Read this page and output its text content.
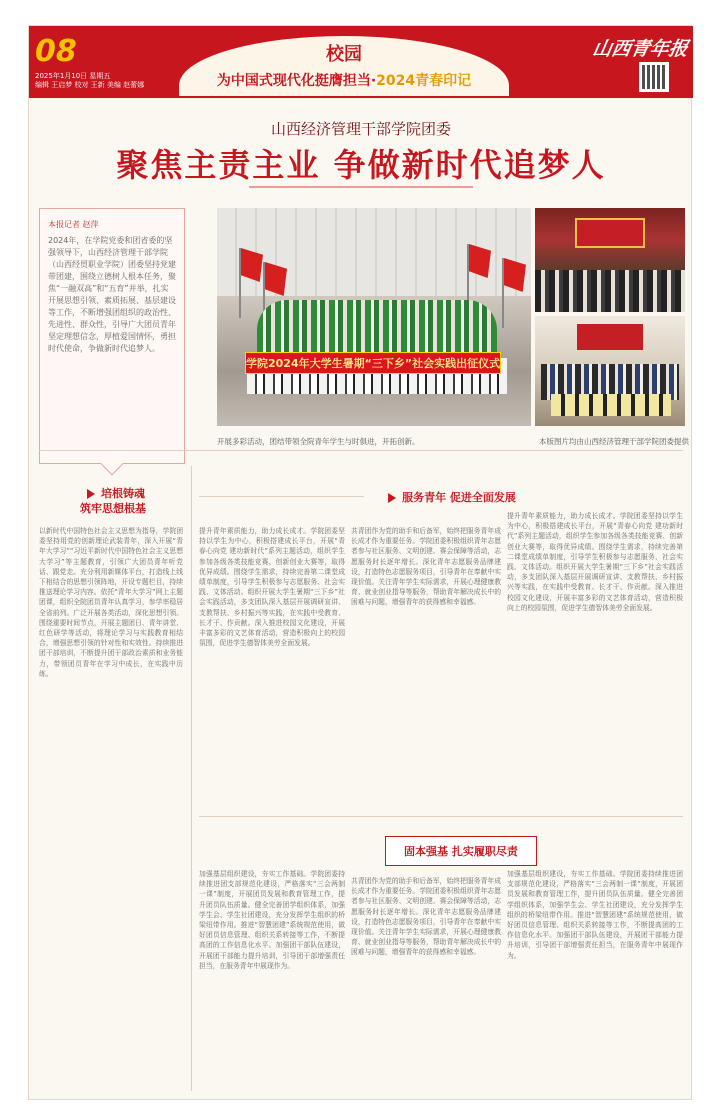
08
2025年1月10日 星期五
编辑 王启梦 校对 王新 美编 赵蕾娜
校园
为中国式现代化挺膺担当·2024青春印记
山西青年报
山西经济管理干部学院团委
聚焦主责主业 争做新时代追梦人
本报记者 赵萍
2024年，在学院党委和团省委的坚强领导下，山西经济管理干部学院（山西经贸职业学院）团委坚持党建带团建，围绕立德树人根本任务，聚焦“一融双高”和“五育”并举，扎实开展思想引领、素质拓展、基层建设等工作，不断增强团组织的政治性、先进性、群众性，引导广大团员青年坚定理想信念，厚植爱国情怀，勇担时代使命，争做新时代追梦人。
学院2024年大学生暑期“三下乡”社会实践出征仪式
开展多彩活动，团结带领全院青年学生与时俱进，开拓创新。	本版图片均由山西经济管理干部学院团委提供
培根铸魂
筑牢思想根基
以新时代中国特色社会主义思想为指导，学院团委坚持用党的创新理论武装青年，深入开展“青年大学习”“习近平新时代中国特色社会主义思想大学习”等主题教育，引领广大团员青年听党话、跟党走。充分利用新媒体平台，打造线上线下相结合的思想引领阵地，开设专题栏目，持续推送理论学习内容。依托“青年大学习”网上主题团课，组织全院团员青年认真学习，参学率稳居全省前列。广泛开展各类活动，深化思想引领。围绕重要时间节点，开展主题团日、青年讲堂、红色研学等活动，将理论学习与实践教育相结合，增强思想引领的针对性和实效性。持续推进团干部培训，不断提升团干部政治素质和业务能力，带领团员青年在学习中成长，在实践中历练。
服务青年 促进全面发展
提升青年素质能力，助力成长成才。学院团委坚持以学生为中心，积极搭建成长平台，开展“青春心向党 建功新时代”系列主题活动，组织学生参加各级各类技能竞赛、创新创业大赛等，取得优异成绩。围绕学生需求，持续完善第二课堂成绩单制度，引导学生积极参与志愿服务、社会实践、文体活动。组织开展大学生暑期“三下乡”社会实践活动，多支团队深入基层开展调研宣讲、支教帮扶、乡村振兴等实践，在实践中受教育、长才干、作贡献。深入推进校园文化建设，开展丰富多彩的文艺体育活动，营造积极向上的校园氛围，促进学生德智体美劳全面发展。
共青团作为党的助手和后备军，始终把服务青年成长成才作为重要任务。学院团委积极组织青年志愿者参与社区服务、文明创建、赛会保障等活动，志愿服务时长逐年增长。深化青年志愿服务品牌建设，打造特色志愿服务项目，引导青年在奉献中实现价值。关注青年学生实际需求，开展心理健康教育、就业创业指导等服务，帮助青年解决成长中的困难与问题，增强青年的获得感和幸福感。
提升青年素质能力，助力成长成才。学院团委坚持以学生为中心，积极搭建成长平台，开展“青春心向党 建功新时代”系列主题活动，组织学生参加各级各类技能竞赛、创新创业大赛等，取得优异成绩。围绕学生需求，持续完善第二课堂成绩单制度，引导学生积极参与志愿服务、社会实践、文体活动。组织开展大学生暑期“三下乡”社会实践活动，多支团队深入基层开展调研宣讲、支教帮扶、乡村振兴等实践，在实践中受教育、长才干、作贡献。深入推进校园文化建设，开展丰富多彩的文艺体育活动，营造积极向上的校园氛围，促进学生德智体美劳全面发展。
固本强基 扎实履职尽责
加强基层组织建设，夯实工作基础。学院团委持续推进团支部规范化建设，严格落实“三会两制一课”制度，开展团员发展和教育管理工作，提升团员队伍质量。健全完善团学组织体系，加强学生会、学生社团建设，充分发挥学生组织的桥梁纽带作用。推进“智慧团建”系统规范使用，做好团员信息管理、组织关系转接等工作，不断提高团的工作信息化水平。加强团干部队伍建设，开展团干部能力提升培训，引导团干部增强责任担当，在服务青年中展现作为。
共青团作为党的助手和后备军，始终把服务青年成长成才作为重要任务。学院团委积极组织青年志愿者参与社区服务、文明创建、赛会保障等活动，志愿服务时长逐年增长。深化青年志愿服务品牌建设，打造特色志愿服务项目，引导青年在奉献中实现价值。关注青年学生实际需求，开展心理健康教育、就业创业指导等服务，帮助青年解决成长中的困难与问题，增强青年的获得感和幸福感。
加强基层组织建设，夯实工作基础。学院团委持续推进团支部规范化建设，严格落实“三会两制一课”制度，开展团员发展和教育管理工作，提升团员队伍质量。健全完善团学组织体系，加强学生会、学生社团建设，充分发挥学生组织的桥梁纽带作用。推进“智慧团建”系统规范使用，做好团员信息管理、组织关系转接等工作，不断提高团的工作信息化水平。加强团干部队伍建设，开展团干部能力提升培训，引导团干部增强责任担当，在服务青年中展现作为。
